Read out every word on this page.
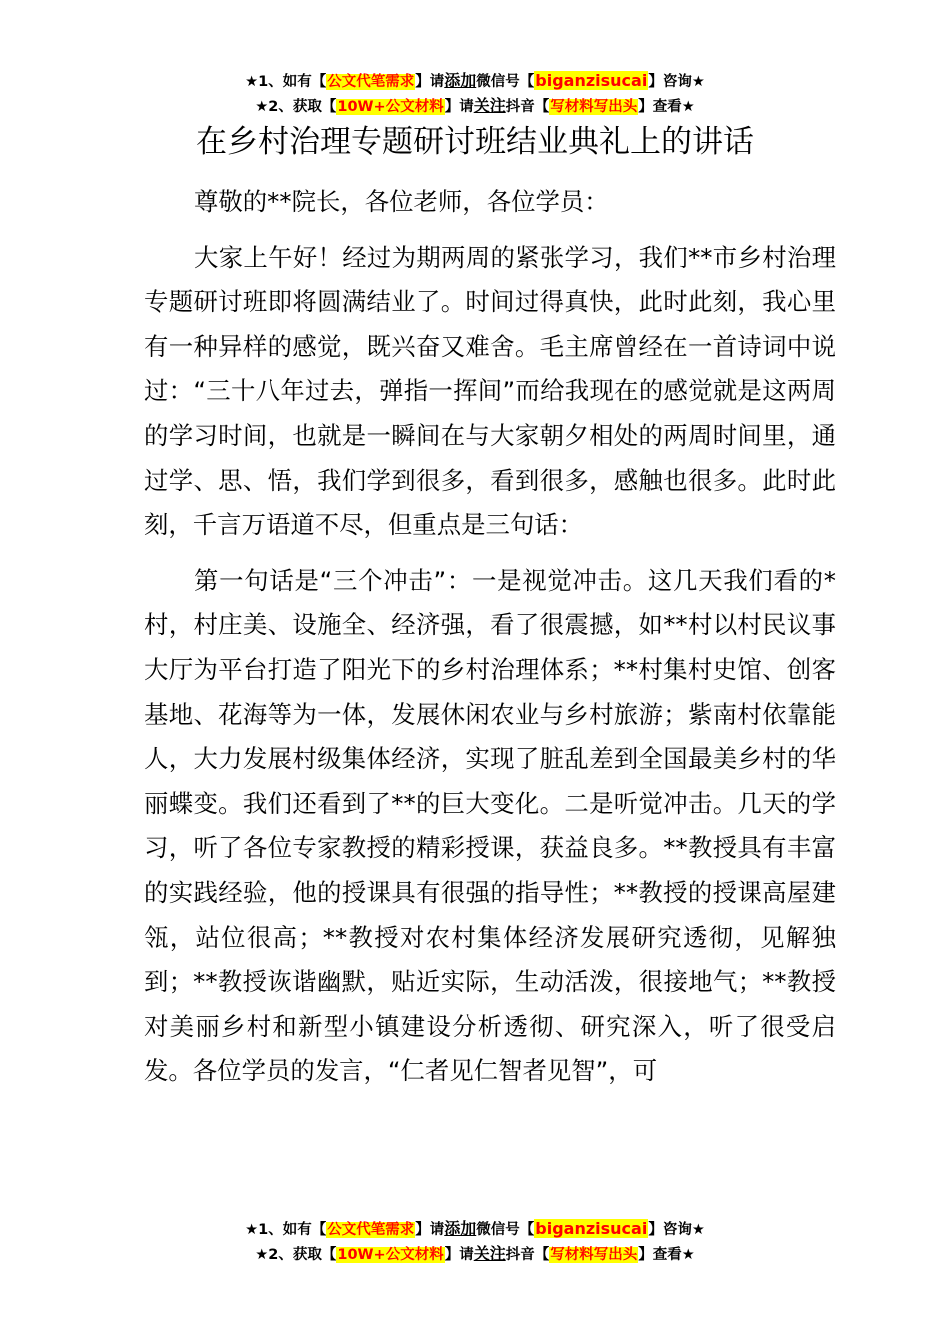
★1、如有【公文代笔需求】请添加微信号【biganzisucai】咨询★
★2、获取【10W+公文材料】请关注抖音【写材料写出头】查看★
在乡村治理专题研讨班结业典礼上的讲话

尊敬的**院长，各位老师，各位学员：

大家上午好！经过为期两周的紧张学习，我们**市乡村治理专题研讨班即将圆满结业了。时间过得真快，此时此刻，我心里有一种异样的感觉，既兴奋又难舍。毛主席曾经在一首诗词中说过：“三十八年过去，弹指一挥间”而给我现在的感觉就是这两周的学习时间，也就是一瞬间在与大家朝夕相处的两周时间里，通过学、思、悟，我们学到很多，看到很多，感触也很多。此时此刻，千言万语道不尽，但重点是三句话：

第一句话是“三个冲击”：一是视觉冲击。这几天我们看的*村，村庄美、设施全、经济强，看了很震撼，如**村以村民议事大厅为平台打造了阳光下的乡村治理体系；**村集村史馆、创客基地、花海等为一体，发展休闲农业与乡村旅游；紫南村依靠能人，大力发展村级集体经济，实现了脏乱差到全国最美乡村的华丽蝶变。我们还看到了**的巨大变化。二是听觉冲击。几天的学习，听了各位专家教授的精彩授课，获益良多。**教授具有丰富的实践经验，他的授课具有很强的指导性；**教授的授课高屋建瓴，站位很高；**教授对农村集体经济发展研究透彻，见解独到；**教授诙谐幽默，贴近实际，生动活泼，很接地气；**教授对美丽乡村和新型小镇建设分析透彻、研究深入，听了很受启发。各位学员的发言，“仁者见仁智者见智”，可

★1、如有【公文代笔需求】请添加微信号【biganzisucai】咨询★
★2、获取【10W+公文材料】请关注抖音【写材料写出头】查看★
